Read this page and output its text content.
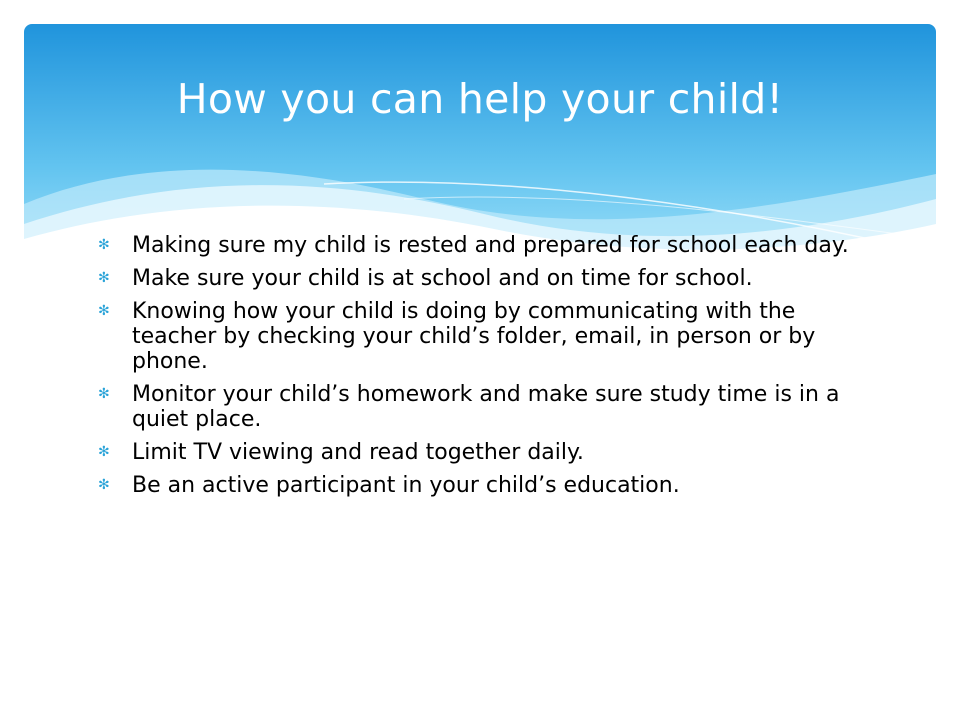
How you can help your child!
✻ Making sure my child is rested and prepared for school each day.
✻ Make sure your child is at school and on time for school.
✻ Knowing how your child is doing by communicating with the teacher by checking your child’s folder, email, in person or by phone.
✻ Monitor your child’s homework and make sure study time is in a quiet place.
✻ Limit TV viewing and read together daily.
✻ Be an active participant in your child’s education.
